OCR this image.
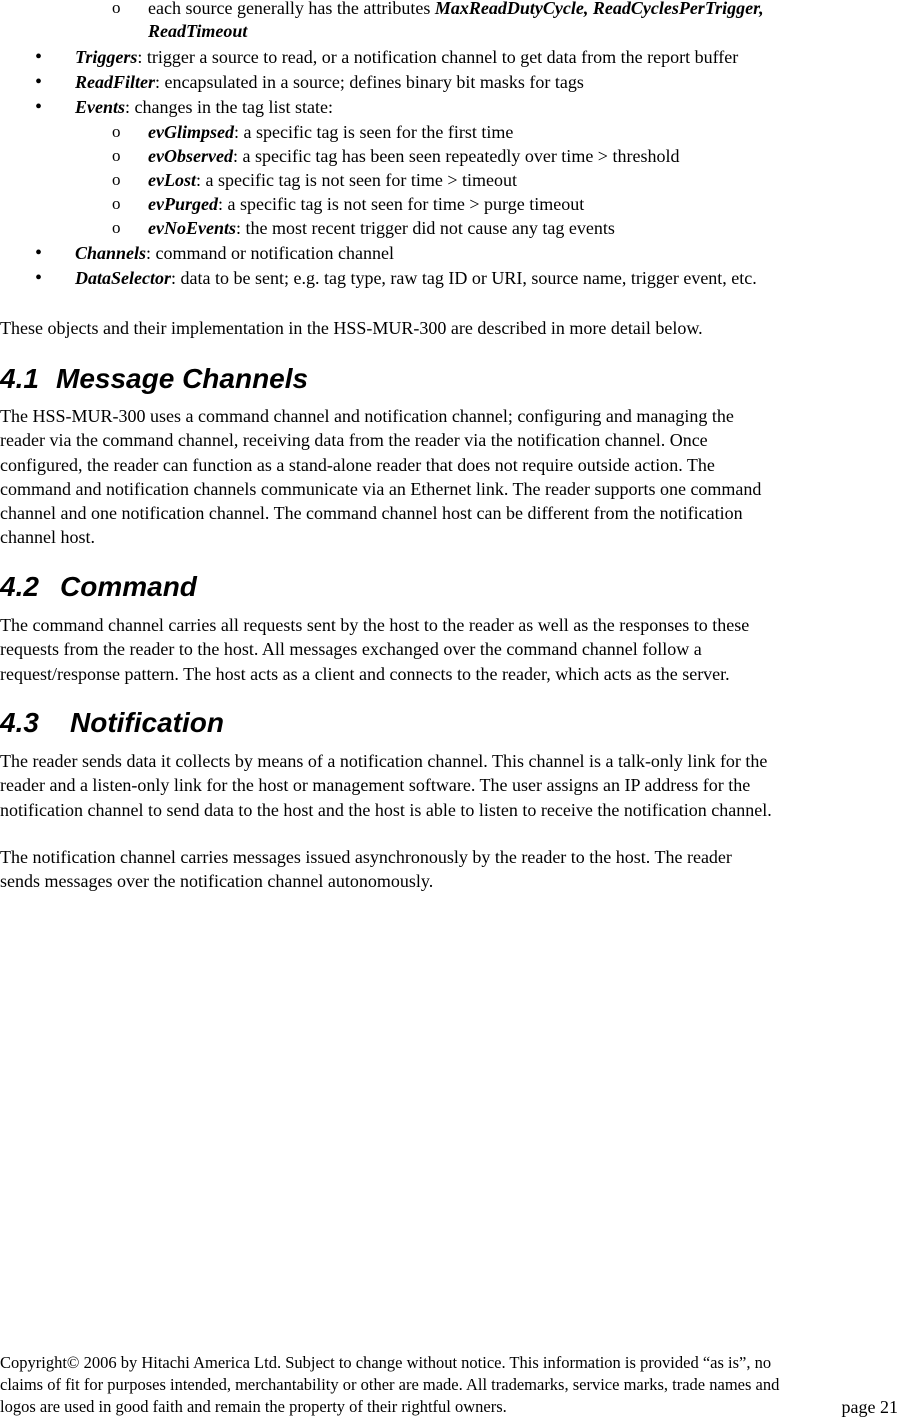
o each source generally has the attributes MaxReadDutyCycle, ReadCyclesPerTrigger,
ReadTimeout
• Triggers: trigger a source to read, or a notification channel to get data from the report buffer
• ReadFilter: encapsulated in a source; defines binary bit masks for tags
• Events: changes in the tag list state:
o evGlimpsed: a specific tag is seen for the first time
o evObserved: a specific tag has been seen repeatedly over time > threshold
o evLost: a specific tag is not seen for time > timeout
o evPurged: a specific tag is not seen for time > purge timeout
o evNoEvents: the most recent trigger did not cause any tag events
• Channels: command or notification channel
• DataSelector: data to be sent; e.g. tag type, raw tag ID or URI, source name, trigger event, etc.
These objects and their implementation in the HSS-MUR-300 are described in more detail below.
4.1 Message Channels
The HSS-MUR-300 uses a command channel and notification channel; configuring and managing the
reader via the command channel, receiving data from the reader via the notification channel. Once
configured, the reader can function as a stand-alone reader that does not require outside action. The
command and notification channels communicate via an Ethernet link. The reader supports one command
channel and one notification channel. The command channel host can be different from the notification
channel host.
4.2 Command
The command channel carries all requests sent by the host to the reader as well as the responses to these
requests from the reader to the host. All messages exchanged over the command channel follow a
request/response pattern. The host acts as a client and connects to the reader, which acts as the server.
4.3 Notification
The reader sends data it collects by means of a notification channel. This channel is a talk-only link for the
reader and a listen-only link for the host or management software. The user assigns an IP address for the
notification channel to send data to the host and the host is able to listen to receive the notification channel.
The notification channel carries messages issued asynchronously by the reader to the host. The reader
sends messages over the notification channel autonomously.
Copyright© 2006 by Hitachi America Ltd. Subject to change without notice. This information is provided “as is”, no
claims of fit for purposes intended, merchantability or other are made. All trademarks, service marks, trade names and
logos are used in good faith and remain the property of their rightful owners.	page 21
